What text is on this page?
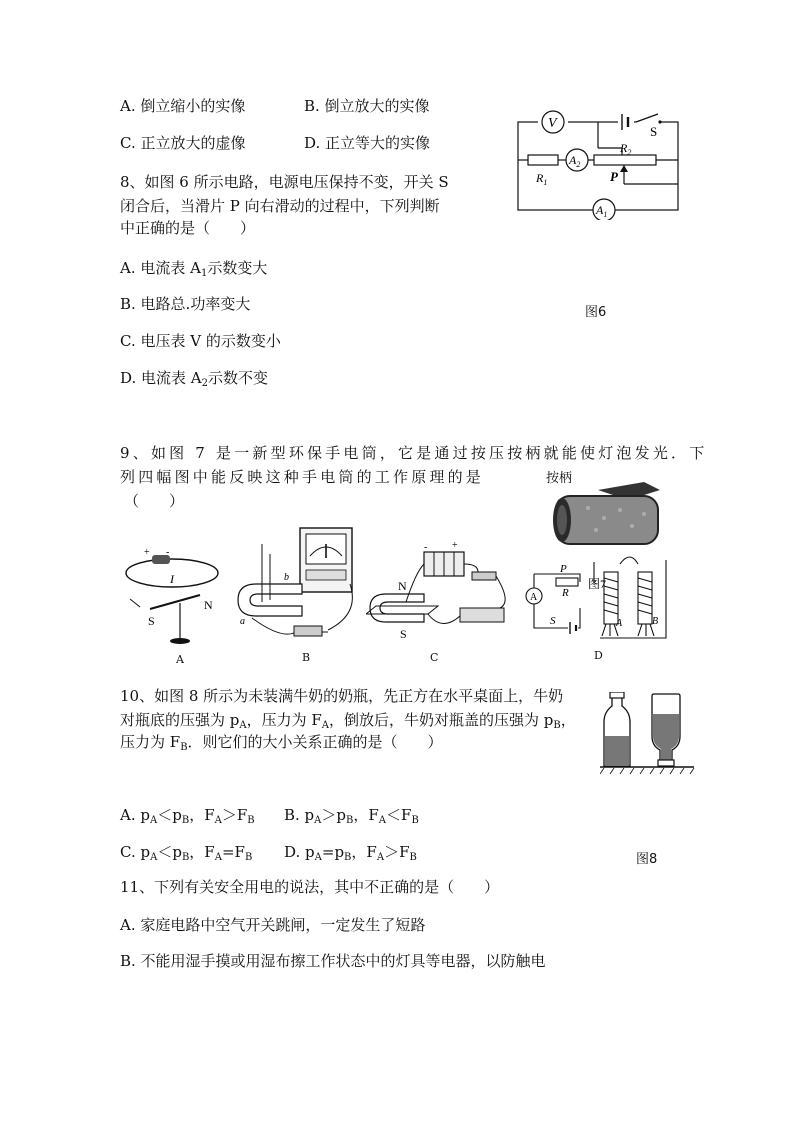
A. 倒立缩小的实像	B. 倒立放大的实像
C. 正立放大的虚像	D. 正立等大的实像
8、如图 6 所示电路，电源电压保持不变，开关 S
闭合后，当滑片 P 向右滑动的过程中，下列判断
中正确的是（　　）
A. 电流表 $A_1$示数变大
B. 电路总.功率变大
C. 电压表 V 的示数变小
D. 电流表 $A_2$示数不变
V
S
$R_1$
$A_2$
$R_2$
P
$A_1$
图6
9、如图 7 是一新型环保手电筒，它是通过按压按柄就能使灯泡发光．下
列四幅图中能反映这种手电筒的工作原理的是
（　　）
按柄
+ -
I
S
N
A
b
a
B
- +
N
S
C
A
P
R
S
图7
A	B
D
10、如图 8 所示为未装满牛奶的奶瓶，先正方在水平桌面上，牛奶
对瓶底的压强为 $p_A$，压力为 $F_A$，倒放后，牛奶对瓶盖的压强为 $p_B$，
压力为 $F_B$．则它们的大小关系正确的是（　　）
A. $p_A<p_B$，$F_A>F_B$ B. $p_A>p_B$，$F_A<F_B$
C. $p_A<p_B$，$F_A=F_B$ D. $p_A=p_B$，$F_A>F_B$	图8
11、下列有关安全用电的说法，其中不正确的是（　　）
A. 家庭电路中空气开关跳闸，一定发生了短路
B. 不能用湿手摸或用湿布擦工作状态中的灯具等电器，以防触电
